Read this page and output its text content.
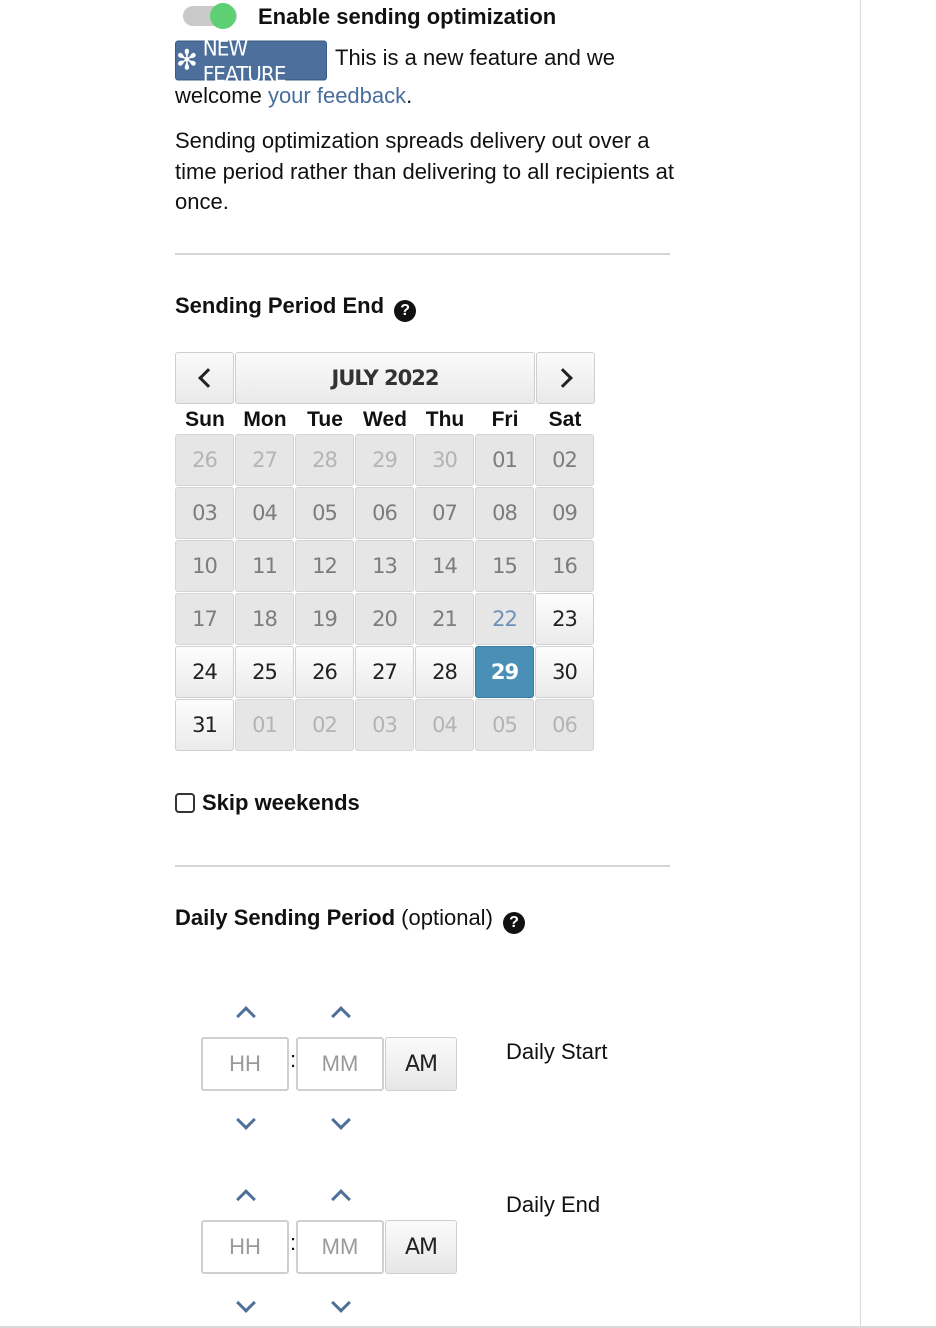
Enable sending optimization
✻ NEW FEATURE
This is a new feature and we
welcome your feedback.
Sending optimization spreads delivery out over a time period rather than delivering to all recipients at once.
Sending Period End ?
JULY 2022
Sun Mon Tue Wed Thu	Fri	Sat
26	27	28	29	30	01	02
03	04	05	06	07	08	09
10	11	12	13	14	15	16
17	18	19	20	21	22	23
24	25	26	27	28	29	30
31	01	02	03	04	05	06
Skip weekends
Daily Sending Period (optional) ?
HH	:	MM	AM	Daily Start
HH	:	MM	AM
Daily End
